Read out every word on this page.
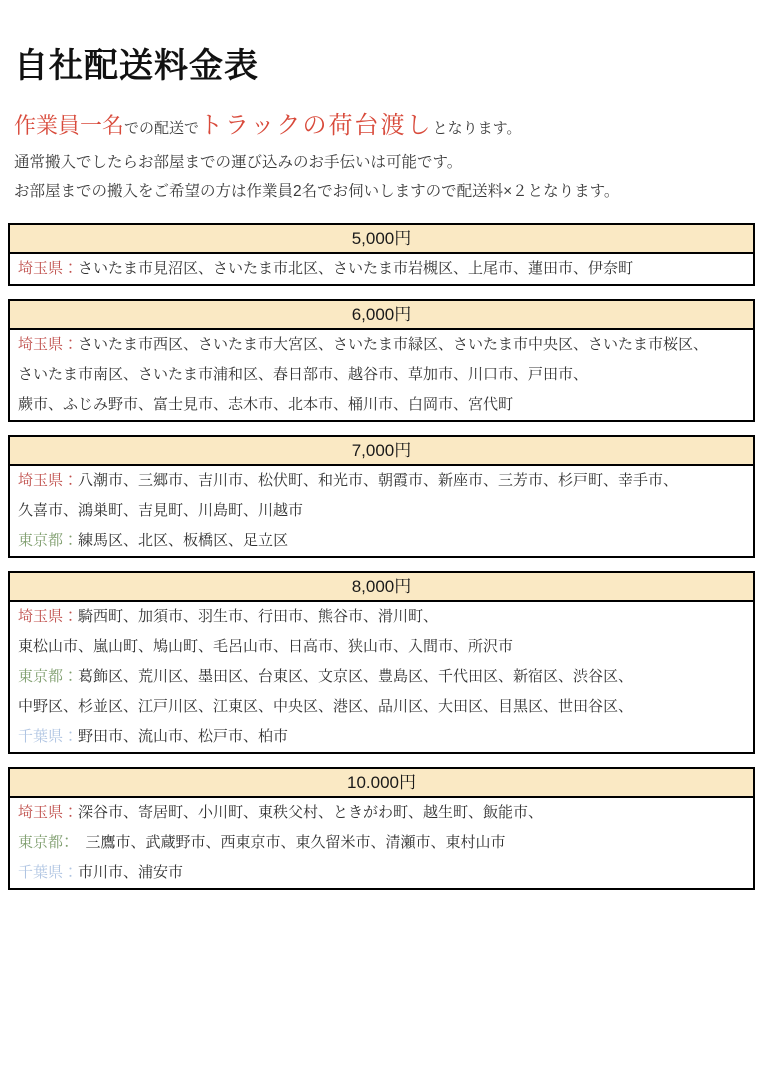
自社配送料金表

作業員一名での配送でトラックの荷台渡しとなります。

通常搬入でしたらお部屋までの運び込みのお手伝いは可能です。

お部屋までの搬入をご希望の方は作業員2名でお伺いしますので配送料×２となります。

5,000円
埼玉県：さいたま市見沼区、さいたま市北区、さいたま市岩槻区、上尾市、蓮田市、伊奈町
6,000円
埼玉県：さいたま市西区、さいたま市大宮区、さいたま市緑区、さいたま市中央区、さいたま市桜区、
さいたま市南区、さいたま市浦和区、春日部市、越谷市、草加市、川口市、戸田市、
蕨市、ふじみ野市、富士見市、志木市、北本市、桶川市、白岡市、宮代町
7,000円
埼玉県：八潮市、三郷市、吉川市、松伏町、和光市、朝霞市、新座市、三芳市、杉戸町、幸手市、
久喜市、鴻巣町、吉見町、川島町、川越市
東京都：練馬区、北区、板橋区、足立区
8,000円
埼玉県：騎西町、加須市、羽生市、行田市、熊谷市、滑川町、
東松山市、嵐山町、鳩山町、毛呂山市、日高市、狭山市、入間市、所沢市
東京都：葛飾区、荒川区、墨田区、台東区、文京区、豊島区、千代田区、新宿区、渋谷区、
中野区、杉並区、江戸川区、江東区、中央区、港区、品川区、大田区、目黒区、世田谷区、
千葉県：野田市、流山市、松戸市、柏市
10.000円
埼玉県：深谷市、寄居町、小川町、東秩父村、ときがわ町、越生町、飯能市、
東京都：　三鷹市、武蔵野市、西東京市、東久留米市、清瀬市、東村山市
千葉県：市川市、浦安市
